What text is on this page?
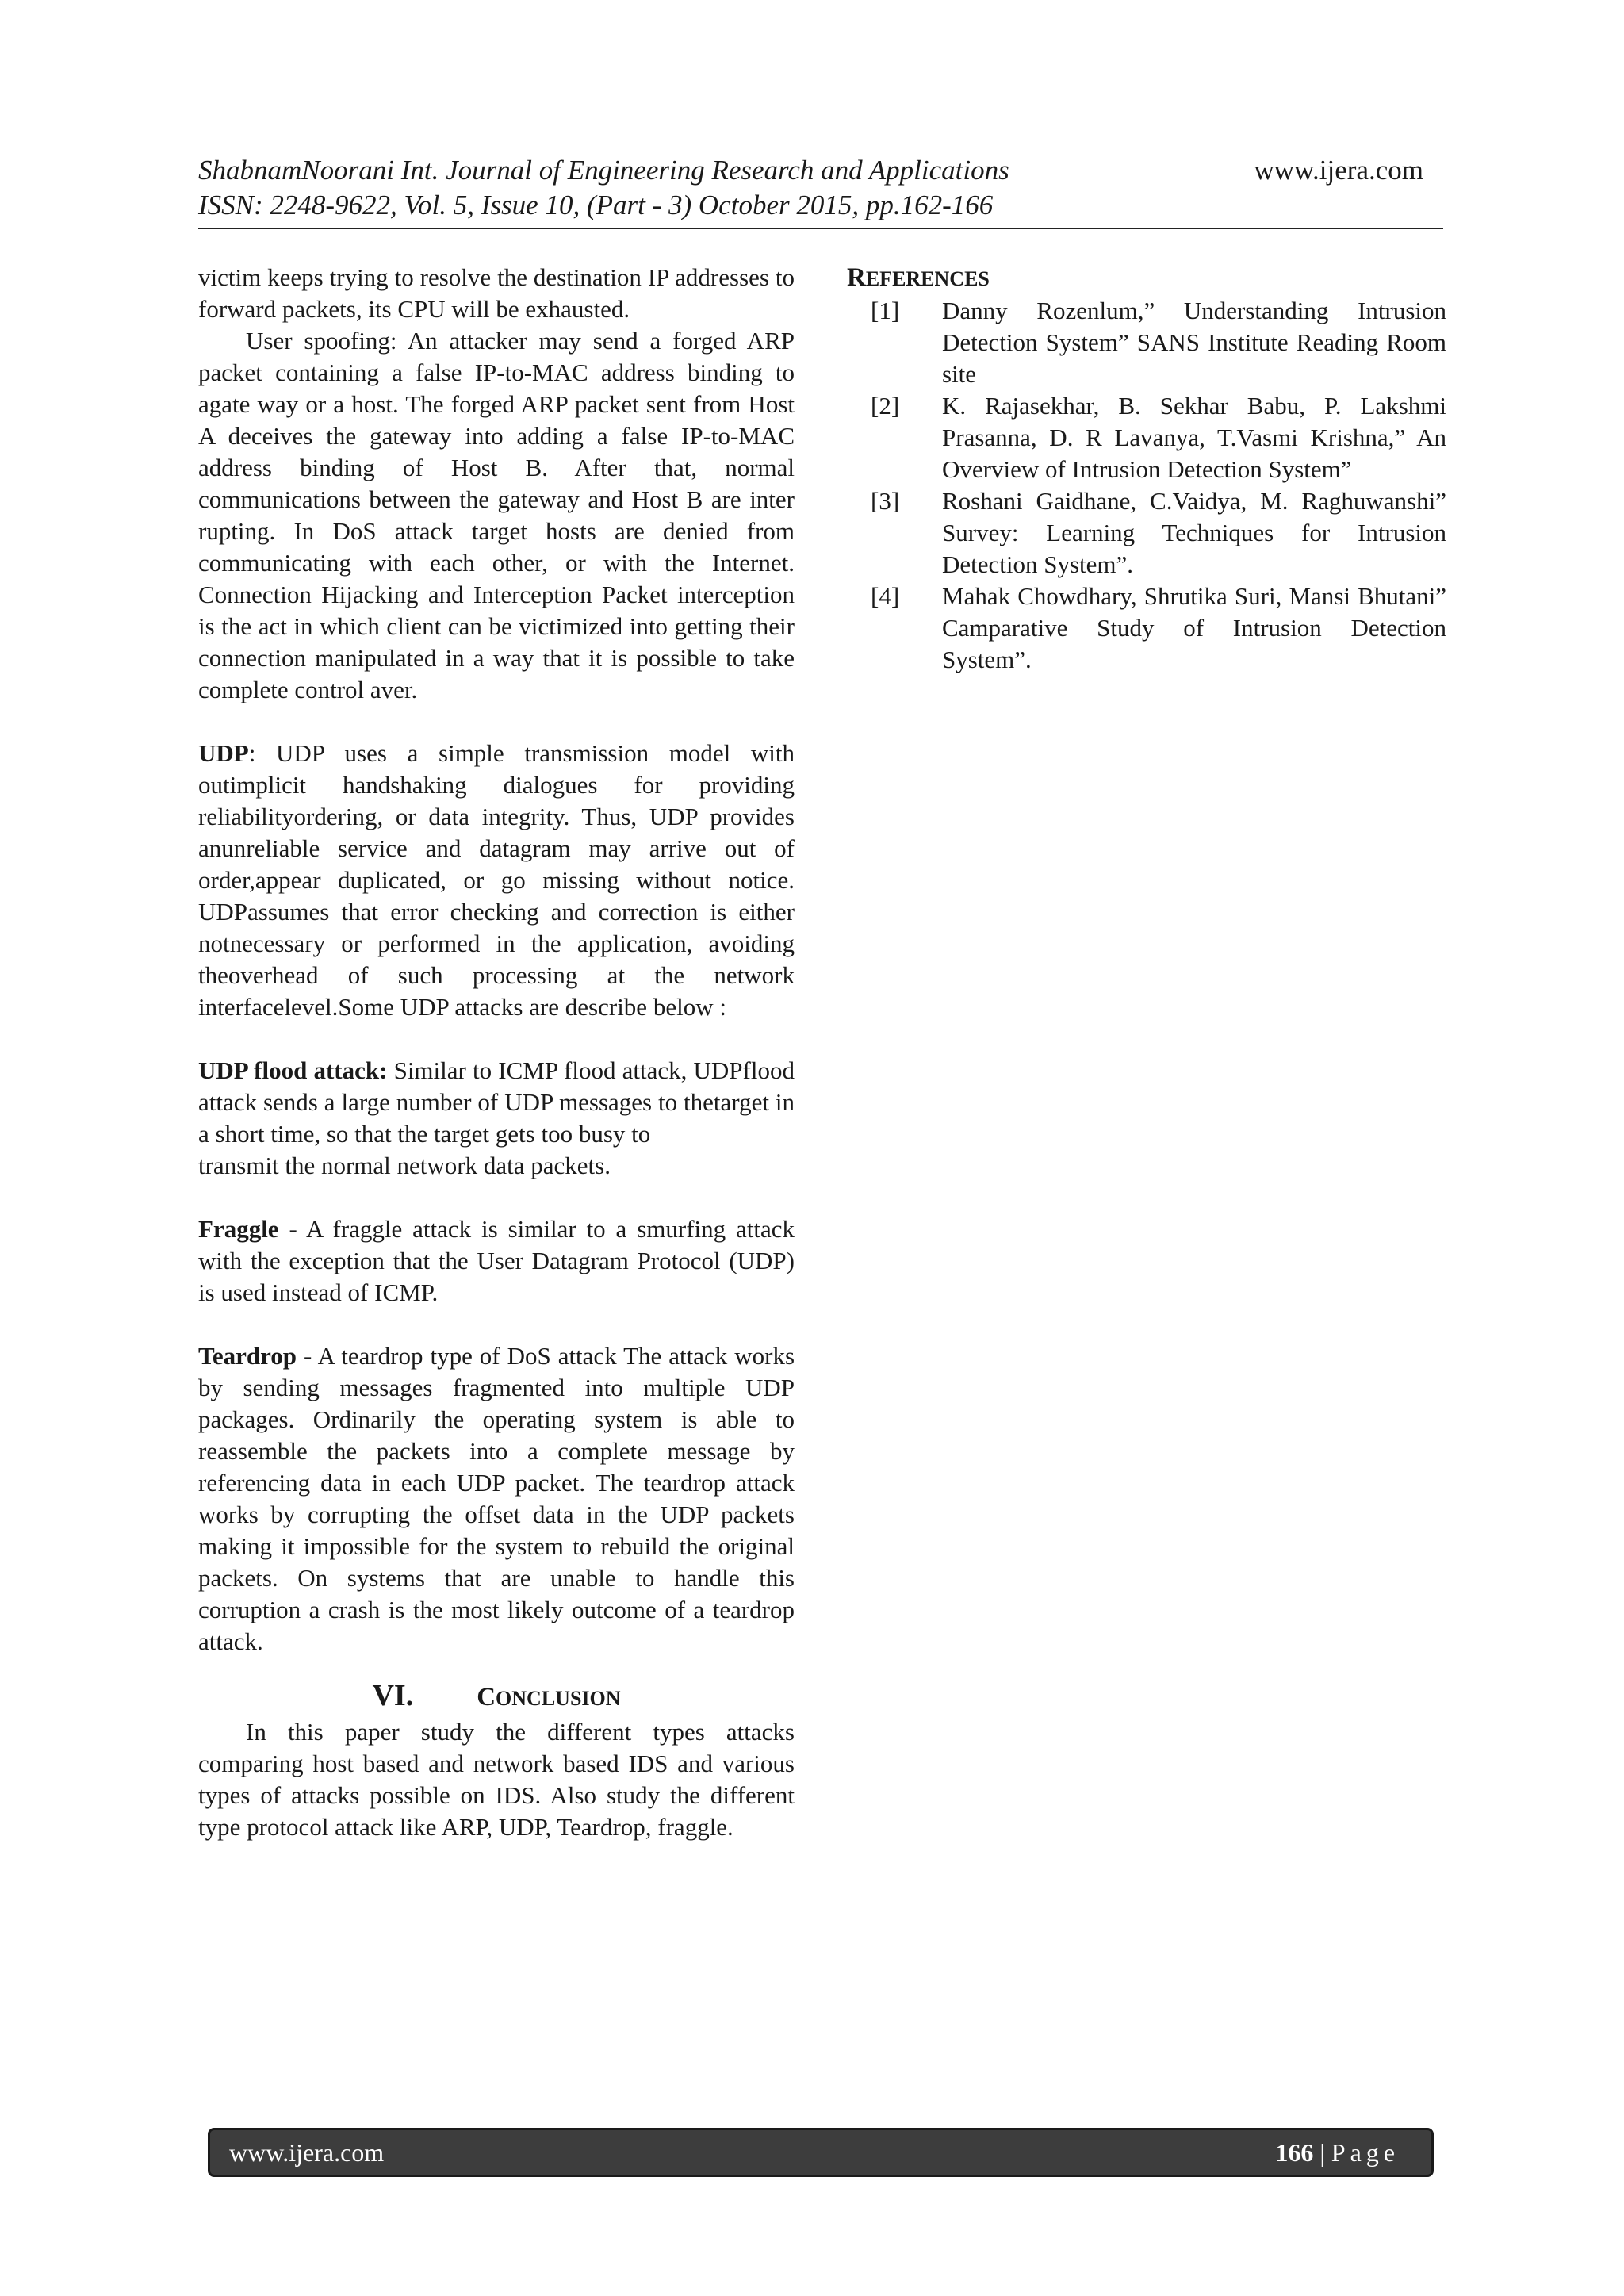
ShabnamNoorani Int. Journal of Engineering Research and Applications
ISSN: 2248-9622, Vol. 5, Issue 10, (Part - 3) October 2015, pp.162-166
www.ijera.com

victim keeps trying to resolve the destination IP addresses to forward packets, its CPU will be exhausted.

User spoofing: An attacker may send a forged ARP packet containing a false IP-to-MAC address binding to agate way or a host. The forged ARP packet sent from Host A deceives the gateway into adding a false IP-to-MAC address binding of Host B. After that, normal communications between the gateway and Host B are inter rupting. In DoS attack target hosts are denied from communicating with each other, or with the Internet. Connection Hijacking and Interception Packet interception is the act in which client can be victimized into getting their connection manipulated in a way that it is possible to take complete control aver.

UDP: UDP uses a simple transmission model with outimplicit handshaking dialogues for providing reliabilityordering, or data integrity. Thus, UDP provides anunreliable service and datagram may arrive out of order,appear duplicated, or go missing without notice. UDPassumes that error checking and correction is either notnecessary or performed in the application, avoiding theoverhead of such processing at the network interfacelevel.Some UDP attacks are describe below :

UDP flood attack: Similar to ICMP flood attack, UDPflood attack sends a large number of UDP messages to thetarget in a short time, so that the target gets too busy to

transmit the normal network data packets.

Fraggle - A fraggle attack is similar to a smurfing attack with the exception that the User Datagram Protocol (UDP) is used instead of ICMP.

Teardrop - A teardrop type of DoS attack The attack works by sending messages fragmented into multiple UDP packages. Ordinarily the operating system is able to reassemble the packets into a complete message by referencing data in each UDP packet. The teardrop attack works by corrupting the offset data in the UDP packets making it impossible for the system to rebuild the original packets. On systems that are unable to handle this corruption a crash is the most likely outcome of a teardrop attack.

VI. CONCLUSION

In this paper study the different types attacks comparing host based and network based IDS and various types of attacks possible on IDS. Also study the different type protocol attack like ARP, UDP, Teardrop, fraggle.

REFERENCES
[1]	Danny Rozenlum,” Understanding Intrusion Detection System” SANS Institute Reading Room site
[2]	K. Rajasekhar, B. Sekhar Babu, P. Lakshmi Prasanna, D. R Lavanya, T.Vasmi Krishna,” An Overview of Intrusion Detection System”
[3]	Roshani Gaidhane, C.Vaidya, M. Raghuwanshi” Survey: Learning Techniques for Intrusion Detection System”.
[4]	Mahak Chowdhary, Shrutika Suri, Mansi Bhutani” Camparative Study of Intrusion Detection System”.
www.ijera.com	166 | Page
